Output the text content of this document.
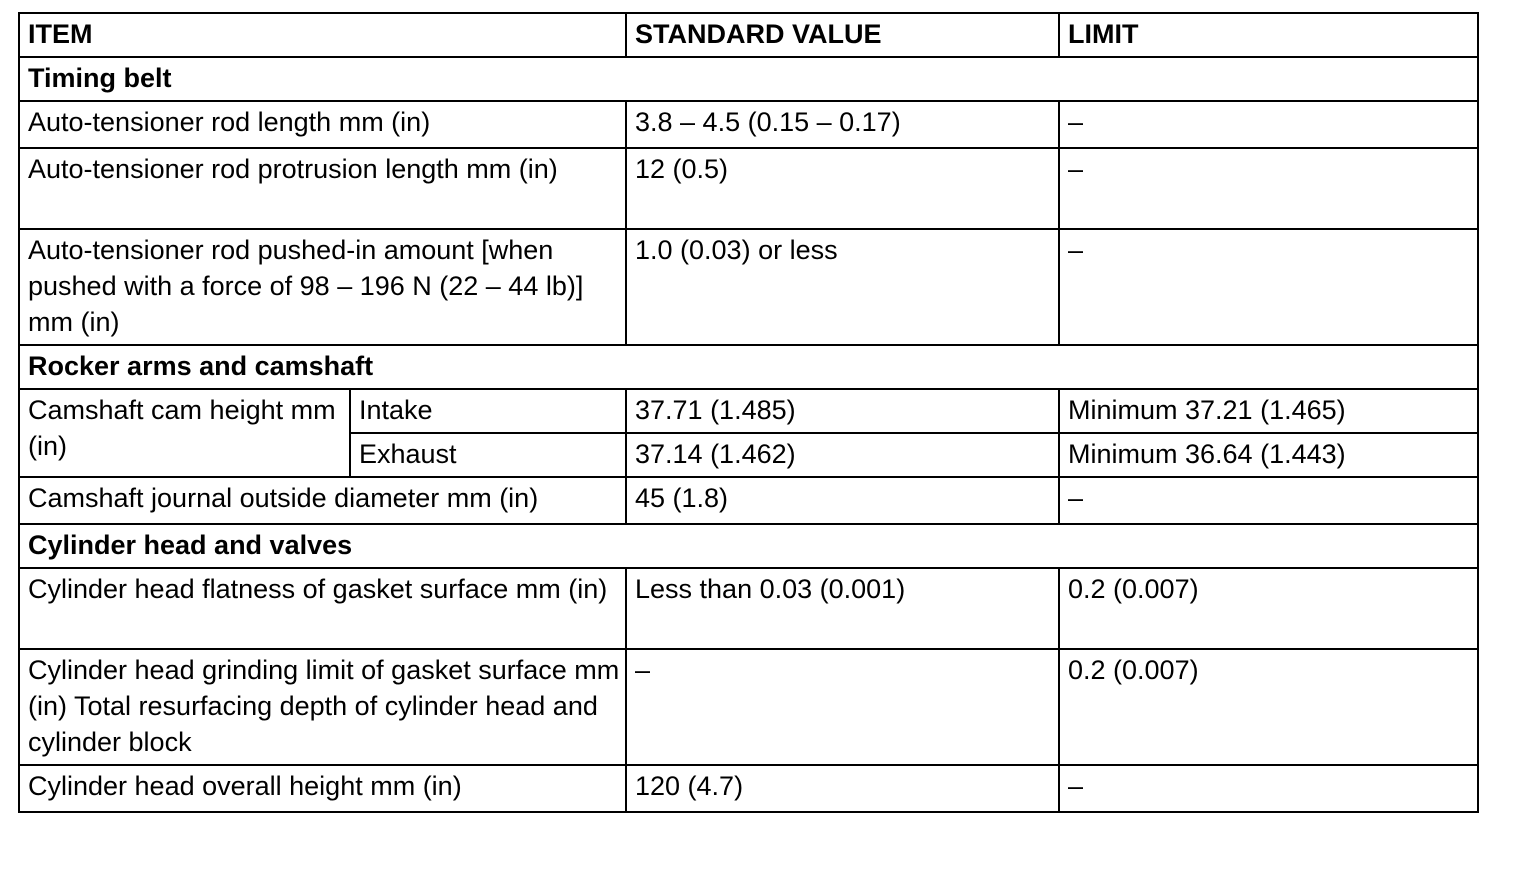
ITEM		STANDARD VALUE	LIMIT
Timing belt			
Auto-tensioner rod length mm (in)		3.8 – 4.5 (0.15 – 0.17)	–
Auto-tensioner rod protrusion length mm (in)		12 (0.5)	–
Auto-tensioner rod pushed-in amount [when pushed with a force of 98 – 196 N (22 – 44 lb)] mm (in)		1.0 (0.03) or less	–
Rocker arms and camshaft			
Camshaft cam height mm (in)	Intake	37.71 (1.485)	Minimum 37.21 (1.465)
	Exhaust	37.14 (1.462)	Minimum 36.64 (1.443)
Camshaft journal outside diameter mm (in)		45 (1.8)	–
Cylinder head and valves			
Cylinder head flatness of gasket surface mm (in)		Less than 0.03 (0.001)	0.2 (0.007)
Cylinder head grinding limit of gasket surface mm (in) Total resurfacing depth of cylinder head and cylinder block		–	0.2 (0.007)
Cylinder head overall height mm (in)		120 (4.7)	–
